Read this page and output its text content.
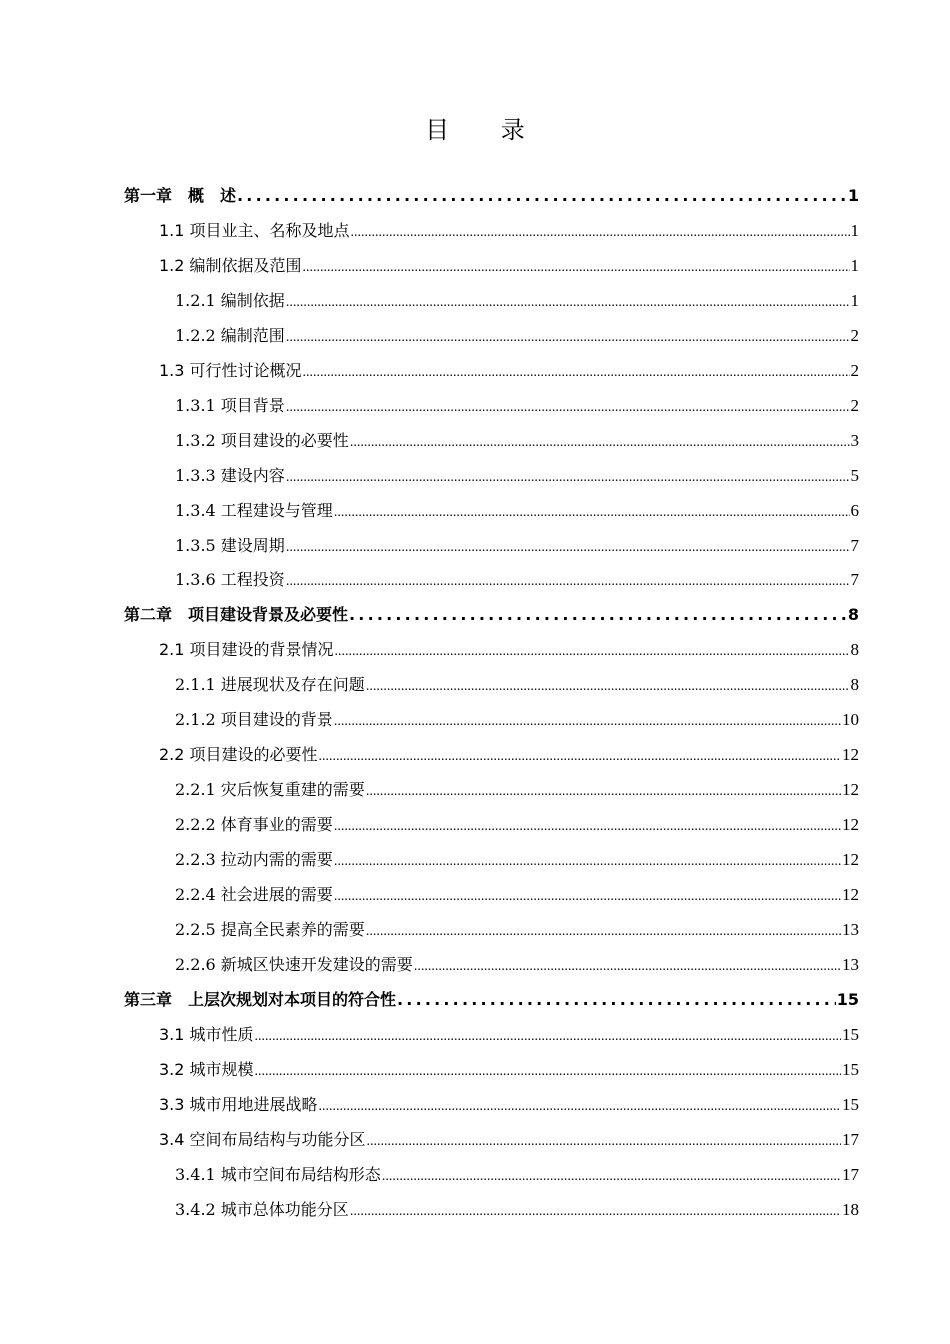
目 录
第一章　概　述 .....	1
1.1 项目业主、名称及地点 .....	1
1.2 编制依据及范围 .....	1
1.2.1 编制依据 .....	1
1.2.2 编制范围 .....	2
1.3 可行性讨论概况 .....	2
1.3.1 项目背景 .....	2
1.3.2 项目建设的必要性 .....	3
1.3.3 建设内容 .....	5
1.3.4 工程建设与管理 .....	6
1.3.5 建设周期 .....	7
1.3.6 工程投资 .....	7
第二章　项目建设背景及必要性 .....	8
2.1 项目建设的背景情况 .....	8
2.1.1 进展现状及存在问题 .....	8
2.1.2 项目建设的背景 .....	10
2.2 项目建设的必要性 .....	12
2.2.1 灾后恢复重建的需要 .....	12
2.2.2 体育事业的需要 .....	12
2.2.3 拉动内需的需要 .....	12
2.2.4 社会进展的需要 .....	12
2.2.5 提高全民素养的需要 .....	13
2.2.6 新城区快速开发建设的需要 .....	13
第三章　上层次规划对本项目的符合性 .....	15
3.1 城市性质 .....	15
3.2 城市规模 .....	15
3.3 城市用地进展战略 .....	15
3.4 空间布局结构与功能分区 .....	17
3.4.1 城市空间布局结构形态 .....	17
3.4.2 城市总体功能分区 .....	18
